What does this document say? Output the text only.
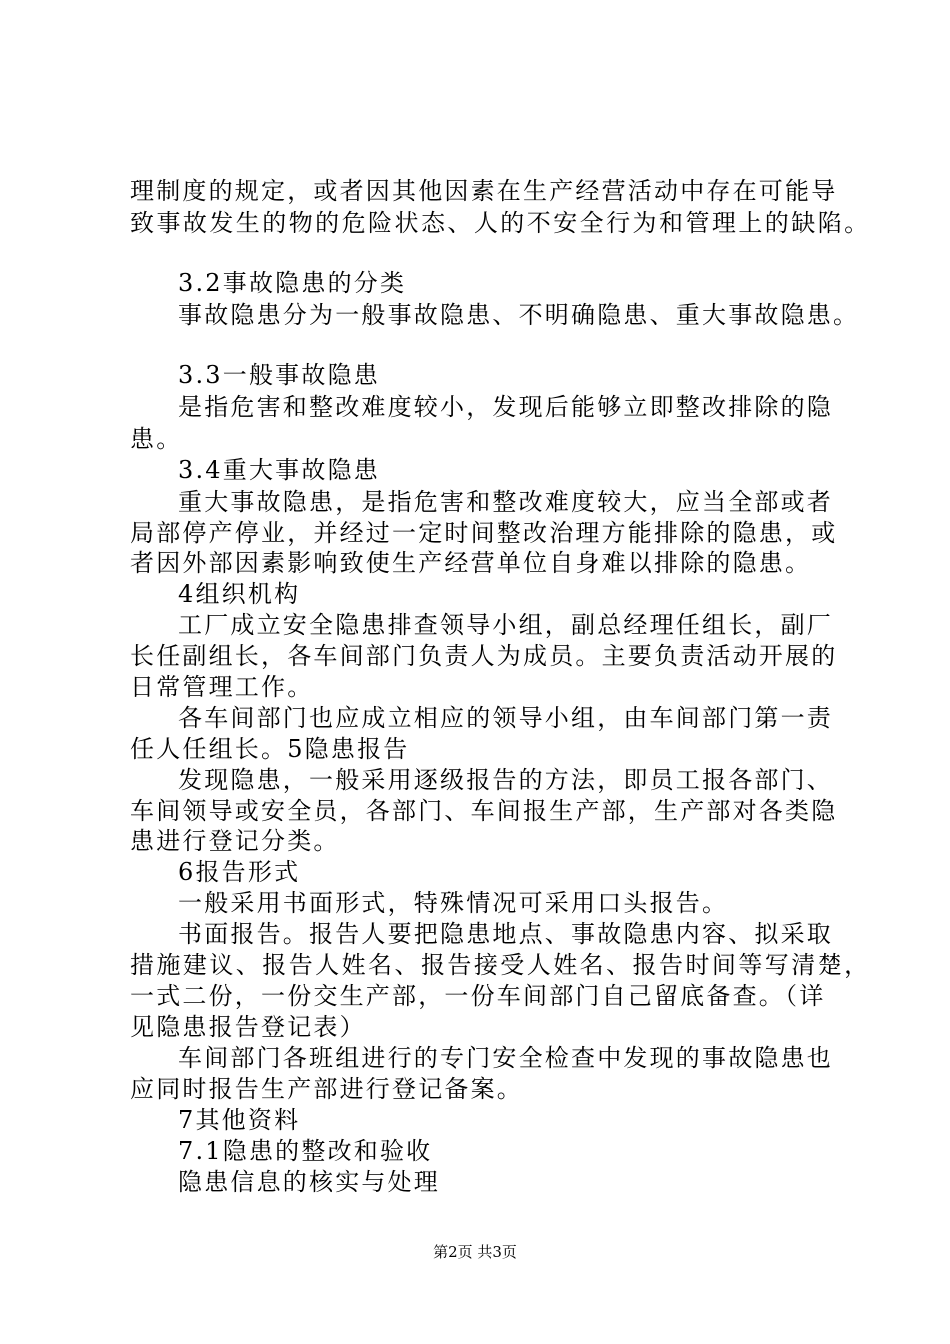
理制度的规定，或者因其他因素在生产经营活动中存在可能导
致事故发生的物的危险状态、人的不安全行为和管理上的缺陷。
3.2事故隐患的分类
事故隐患分为一般事故隐患、不明确隐患、重大事故隐患。
3.3一般事故隐患
是指危害和整改难度较小，发现后能够立即整改排除的隐
患。
3.4重大事故隐患
重大事故隐患，是指危害和整改难度较大，应当全部或者
局部停产停业，并经过一定时间整改治理方能排除的隐患，或
者因外部因素影响致使生产经营单位自身难以排除的隐患。
4组织机构
工厂成立安全隐患排查领导小组，副总经理任组长，副厂
长任副组长，各车间部门负责人为成员。主要负责活动开展的
日常管理工作。
各车间部门也应成立相应的领导小组，由车间部门第一责
任人任组长。5隐患报告
发现隐患，一般采用逐级报告的方法，即员工报各部门、
车间领导或安全员，各部门、车间报生产部，生产部对各类隐
患进行登记分类。
6报告形式
一般采用书面形式，特殊情况可采用口头报告。
书面报告。报告人要把隐患地点、事故隐患内容、拟采取
措施建议、报告人姓名、报告接受人姓名、报告时间等写清楚，
一式二份，一份交生产部，一份车间部门自己留底备查。（详
见隐患报告登记表）
车间部门各班组进行的专门安全检查中发现的事故隐患也
应同时报告生产部进行登记备案。
7其他资料
7.1隐患的整改和验收
隐患信息的核实与处理
第2页 共3页
